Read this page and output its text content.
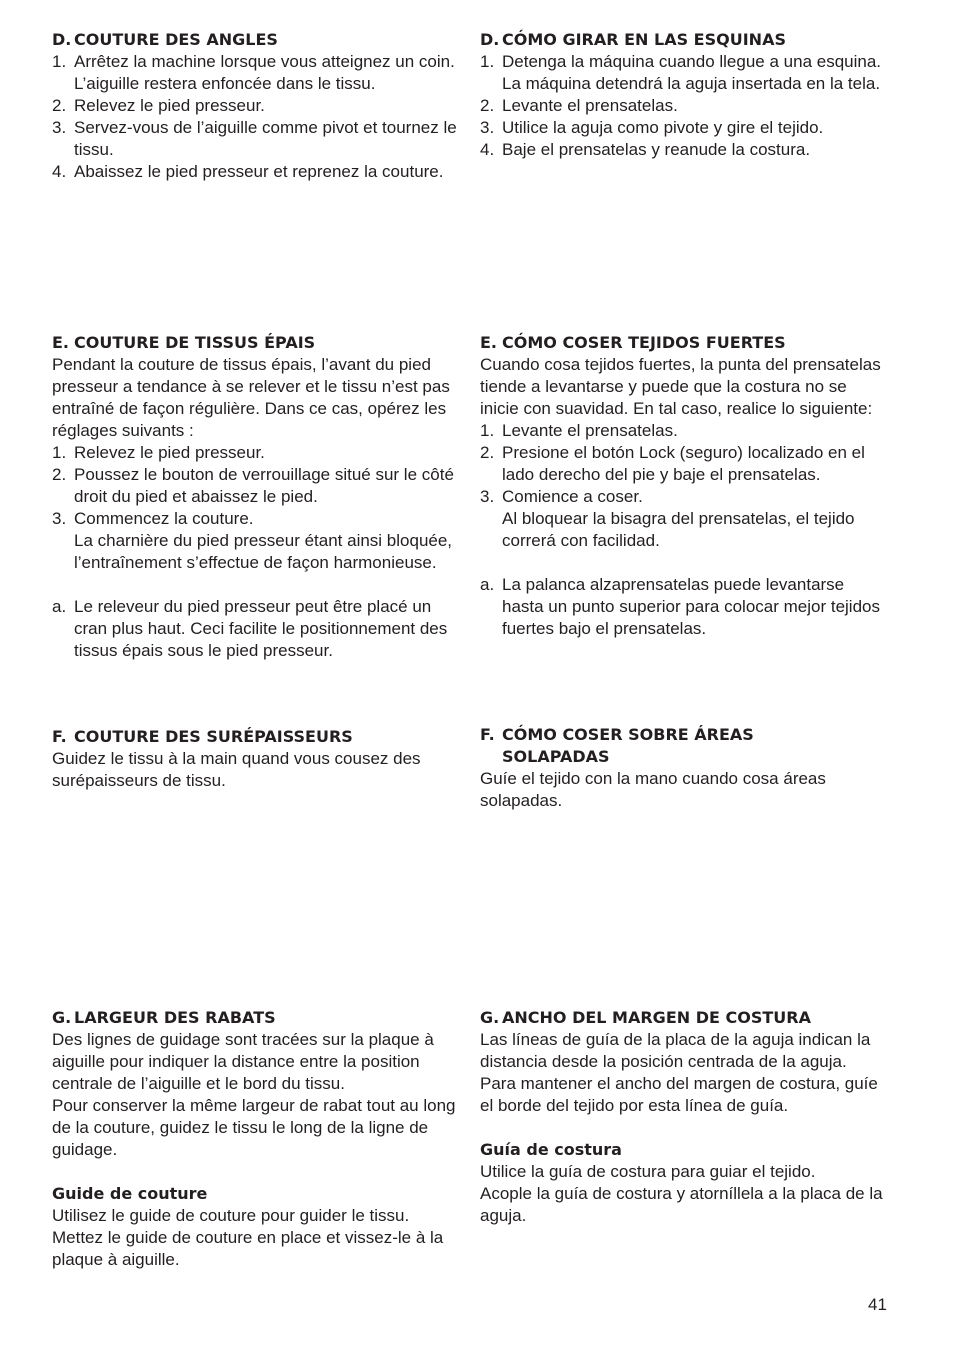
D. COUTURE DES ANGLES

1. Arrêtez la machine lorsque vous atteignez un coin. L’aiguille restera enfoncée dans le tissu.

2. Relevez le pied presseur.

3. Servez-vous de l’aiguille comme pivot et tournez le tissu.

4. Abaissez le pied presseur et reprenez la couture.

D. CÓMO GIRAR EN LAS ESQUINAS

1. Detenga la máquina cuando llegue a una esquina. La máquina detendrá la aguja insertada en la tela.

2. Levante el prensatelas.

3. Utilice la aguja como pivote y gire el tejido.

4. Baje el prensatelas y reanude la costura.

E. COUTURE DE TISSUS ÉPAIS

Pendant la couture de tissus épais, l’avant du pied presseur a tendance à se relever et le tissu n’est pas entraîné de façon régulière. Dans ce cas, opérez les réglages suivants :

1. Relevez le pied presseur.

2. Poussez le bouton de verrouillage situé sur le côté droit du pied et abaissez le pied.

3. Commencez la couture.

La charnière du pied presseur étant ainsi bloquée, l’entraînement s’effectue de façon harmonieuse.

a. Le releveur du pied presseur peut être placé un cran plus haut. Ceci facilite le positionnement des tissus épais sous le pied presseur.

E. CÓMO COSER TEJIDOS FUERTES

Cuando cosa tejidos fuertes, la punta del prensatelas tiende a levantarse y puede que la costura no se inicie con suavidad. En tal caso, realice lo siguiente:

1. Levante el prensatelas.

2. Presione el botón Lock (seguro) localizado en el lado derecho del pie y baje el prensatelas.

3. Comience a coser.

Al bloquear la bisagra del prensatelas, el tejido correrá con facilidad.

a. La palanca alzaprensatelas puede levantarse hasta un punto superior para colocar mejor tejidos fuertes bajo el prensatelas.

F. COUTURE DES SURÉPAISSEURS

Guidez le tissu à la main quand vous cousez des surépaisseurs de tissu.

F. CÓMO COSER SOBRE ÁREAS SOLAPADAS

Guíe el tejido con la mano cuando cosa áreas solapadas.

G. LARGEUR DES RABATS

Des lignes de guidage sont tracées sur la plaque à aiguille pour indiquer la distance entre la position centrale de l’aiguille et le bord du tissu.

Pour conserver la même largeur de rabat tout au long de la couture, guidez le tissu le long de la ligne de guidage.

Guide de couture

Utilisez le guide de couture pour guider le tissu.

Mettez le guide de couture en place et vissez-le à la plaque à aiguille.

G. ANCHO DEL MARGEN DE COSTURA

Las líneas de guía de la placa de la aguja indican la distancia desde la posición centrada de la aguja.

Para mantener el ancho del margen de costura, guíe el borde del tejido por esta línea de guía.

Guía de costura

Utilice la guía de costura para guiar el tejido.

Acople la guía de costura y atorníllela a la placa de la aguja.

41
